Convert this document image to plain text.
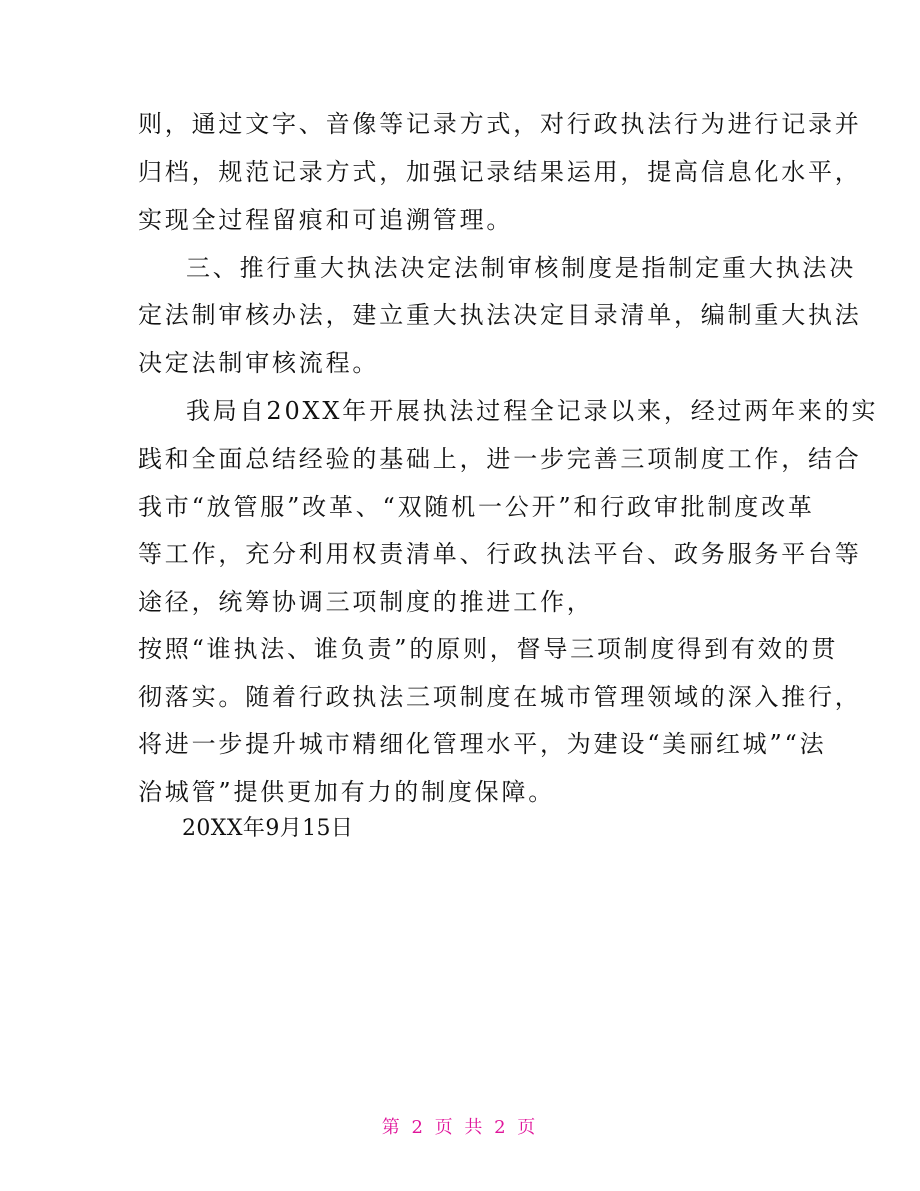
则，通过文字、音像等记录方式，对行政执法行为进行记录并
归档，规范记录方式，加强记录结果运用，提高信息化水平，
实现全过程留痕和可追溯管理。
三、推行重大执法决定法制审核制度是指制定重大执法决
定法制审核办法，建立重大执法决定目录清单，编制重大执法
决定法制审核流程。
我局自20XX年开展执法过程全记录以来，经过两年来的实
践和全面总结经验的基础上，进一步完善三项制度工作，结合
我市“放管服”改革、“双随机一公开”和行政审批制度改革
等工作，充分利用权责清单、行政执法平台、政务服务平台等
途径，统筹协调三项制度的推进工作，
按照“谁执法、谁负责”的原则，督导三项制度得到有效的贯
彻落实。随着行政执法三项制度在城市管理领域的深入推行，
将进一步提升城市精细化管理水平，为建设“美丽红城”“法
治城管”提供更加有力的制度保障。
20XX年9月15日
第 2 页 共 2 页
